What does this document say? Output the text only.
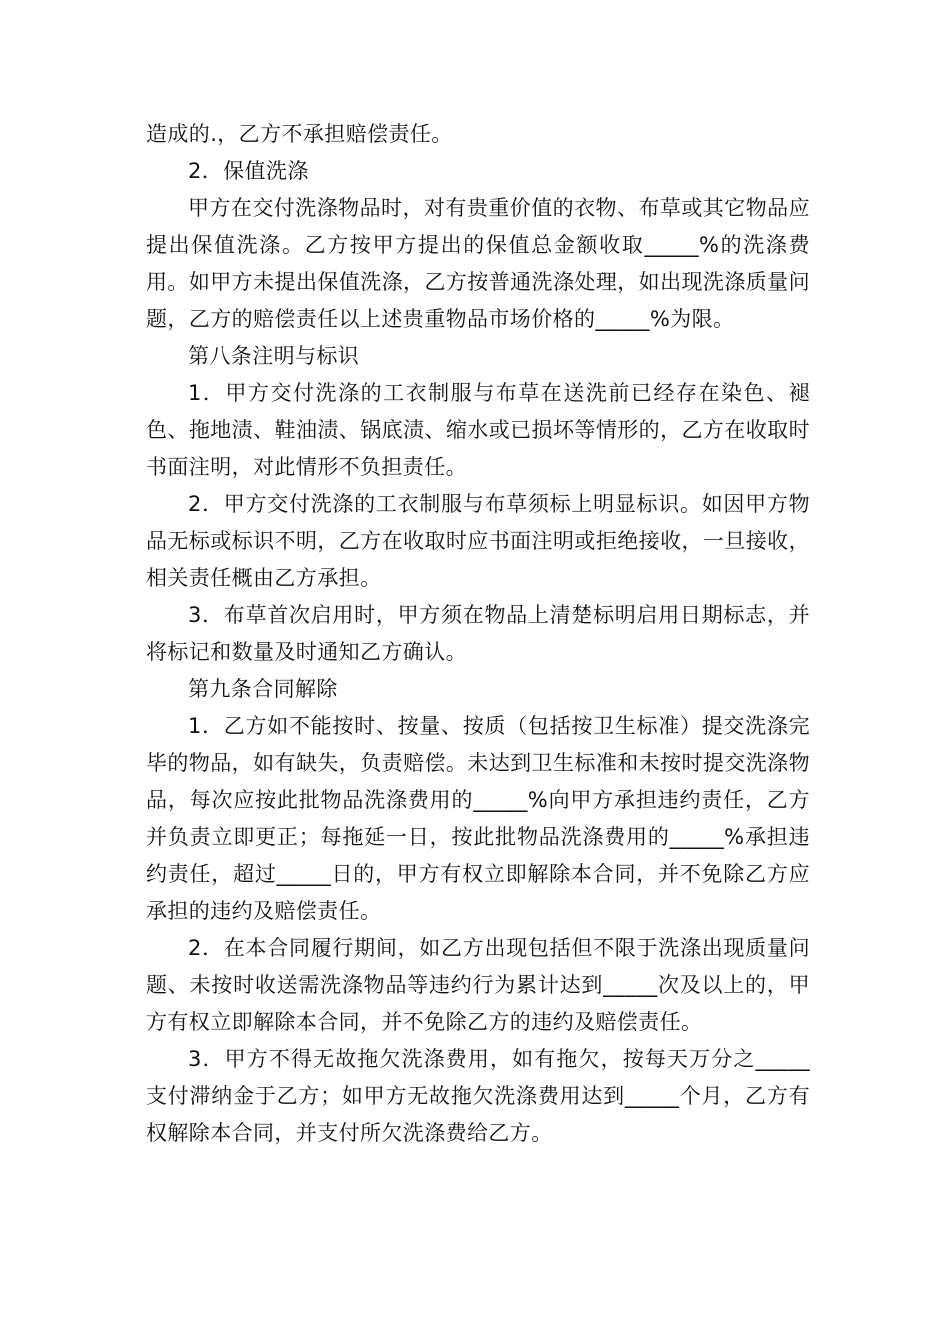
造成的.，乙方不承担赔偿责任。

2．保值洗涤

甲方在交付洗涤物品时，对有贵重价值的衣物、布草或其它物品应提出保值洗涤。乙方按甲方提出的保值总金额收取_____%的洗涤费用。如甲方未提出保值洗涤，乙方按普通洗涤处理，如出现洗涤质量问题，乙方的赔偿责任以上述贵重物品市场价格的_____%为限。

第八条注明与标识

1．甲方交付洗涤的工衣制服与布草在送洗前已经存在染色、褪色、拖地渍、鞋油渍、锅底渍、缩水或已损坏等情形的，乙方在收取时书面注明，对此情形不负担责任。

2．甲方交付洗涤的工衣制服与布草须标上明显标识。如因甲方物品无标或标识不明，乙方在收取时应书面注明或拒绝接收，一旦接收，相关责任概由乙方承担。

3．布草首次启用时，甲方须在物品上清楚标明启用日期标志，并将标记和数量及时通知乙方确认。

第九条合同解除

1．乙方如不能按时、按量、按质（包括按卫生标准）提交洗涤完毕的物品，如有缺失，负责赔偿。未达到卫生标准和未按时提交洗涤物品，每次应按此批物品洗涤费用的_____%向甲方承担违约责任，乙方并负责立即更正；每拖延一日，按此批物品洗涤费用的_____%承担违约责任，超过_____日的，甲方有权立即解除本合同，并不免除乙方应承担的违约及赔偿责任。

2．在本合同履行期间，如乙方出现包括但不限于洗涤出现质量问题、未按时收送需洗涤物品等违约行为累计达到_____次及以上的，甲方有权立即解除本合同，并不免除乙方的违约及赔偿责任。

3．甲方不得无故拖欠洗涤费用，如有拖欠，按每天万分之_____支付滞纳金于乙方；如甲方无故拖欠洗涤费用达到_____个月，乙方有权解除本合同，并支付所欠洗涤费给乙方。
